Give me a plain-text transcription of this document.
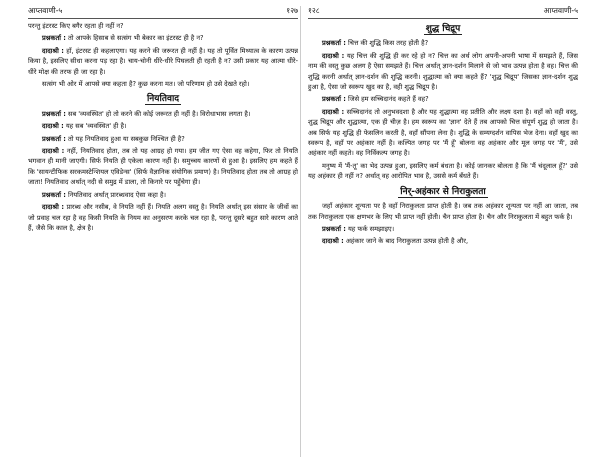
आप्तवाणी-५	१२७

परन्तु इंटरस्ट किए बगैर रहता ही नहीं न?

प्रश्नकर्ता : तो आपके हिसाब से सत्संग भी बेकार का इंटरस्ट ही है न?

दादाश्री : हाँ, इंटरस्ट ही कहलाएगा। यह करने की जरूरत ही नहीं है। यह तो पूर्वित मिथ्यात्व के कारण उत्पन्न किया है, इसलिए सीधा करना पड़ रहा है। चाय-चोनी धीरे-धीरे पिघलती ही रहती है न? उसी प्रकार यह आत्मा धीरे-धीरे मोक्ष की तरफ ही जा रहा है।

सत्संग भी ओर में आपसे क्या कहता है? कुछ करना मत। जो परिणाम हो उसे देखते रहो।

नियतिवाद

प्रश्नकर्ता : सब 'व्यवस्थित' हो तो करने की कोई जरूरत ही नहीं है। विरोधाभास लगता है।

दादाश्री : यह सब 'व्यवस्थित' ही है।

प्रश्नकर्ता : तो यह नियतिवाद हुआ या सबकुछ निश्चित ही है?

दादाश्री : नहीं, नियतिवाद होता, तब तो यह आग्रह हो गया। हम जीत गए ऐसा वह कहेगा, फिर तो नियति भगवान ही मानी जाएगी। सिर्फ नियति ही एकेला कारण नहीं है। समुच्चय कारणों से हुआ है। इसलिए हम कहते हैं कि 'सायन्टीफिक सरकमस्टेन्शियल एविडेन्स' (सिर्फ वैज्ञानिक संयोगिक प्रमाण) है। नियतिवाद होता तब तो आग्रह हो जाता! नियतिवाद अर्थात् नदी से समुद्र में डाला, तो किनारे पर पहुँचेगा ही।

प्रश्नकर्ता : नियतिवाद अर्थात् प्रारब्धवाद ऐसा कहा है।

दादाश्री : प्रारब्ध और नसीब, वे नियति नहीं हैं। नियति अलग वस्तु है। नियति अर्थात् इस संसार के जीवों का जो प्रवाह चल रहा है वह किसी नियति के नियम का अनुसरण करके चल रहा है, परन्तु दूसरे बहुत सारे कारण आते हैं, जैसे कि काल है, क्षेत्र है।

१२८	आप्तवाणी-५
शुद्ध चिद्रूप

प्रश्नकर्ता : चित्त की शुद्धि किस तरह होती है?

दादाश्री : यह चित्त की शुद्धि ही कर रहे हो न? चित्त का अर्थ लोग अपनी-अपनी भाषा में समझते हैं, जिस नाम की वस्तु कुछ अलग है ऐसा समझते हैं। चित्त अर्थात् ज्ञान-दर्शन मिलाने से जो भाव उत्पन्न होता है वह। चित्त की शुद्धि करनी अर्थात् ज्ञान-दर्शन की शुद्धि करनी। शुद्धात्मा को क्या कहते हैं? 'शुद्ध चिद्रूप' जिसका ज्ञान-दर्शन शुद्ध हुआ है, ऐसा जो स्वरूप खुद का है, वही शुद्ध चिद्रूप है।

प्रश्नकर्ता : जिसे हम सच्चिदानंद कहते हैं वह?

दादाश्री : सच्चिदानंद तो अनुभवदशा है और यह शुद्धात्मा वह प्रतीति और लक्ष्य दशा है। वहाँ को वही वस्तु, शुद्ध चिद्रूप और शुद्धात्मा, एक ही चीज़ है। हम स्वरूप का 'ज्ञान' देते हैं तब आपको चित्त संपूर्ण शुद्ध हो जाता है। अब सिर्फ यह शुद्धि ही फेसलिन करती है, वहाँ सौंपना लेना है। शुद्धि के सम्यग्दर्शन वापिस भेज देना। वहाँ खुद का स्वरूप है, वहाँ पर अहंकार नहीं है। कल्पित जगह पर 'मैं हूँ' बोलना वह अहंकार और मूल जगह पर 'मैं', उसे अहंकार नहीं कहते। वह निर्विकल्प जगह है।

मनुष्य में 'मैं-तू' का भेद उत्पन्न हुआ, इसलिए कर्म बंधता है। कोई जानकर बोलता है कि 'मैं चंदूलाल हूँ?' उसे यह अहंकार ही नहीं न? अर्थात् वह आरोपित भाव है, उससे कर्म बँधते हैं।

निर्-अहंकार से निराकुलता

जहाँ अहंकार शून्यता पर है वहाँ निराकुलता प्राप्त होती है। जब तक अहंकार शून्यता पर नहीं आ जाता, तब तक निराकुलता एक क्षणभर के लिए भी प्राप्त नहीं होती। चैन प्राप्त होता है। चैन और निराकुलता में बहुत फर्क है।

प्रश्नकर्ता : यह फर्क समझाइए।

दादाश्री : अहंकार जाने के बाद निराकुलता उत्पन्न होती है और,
